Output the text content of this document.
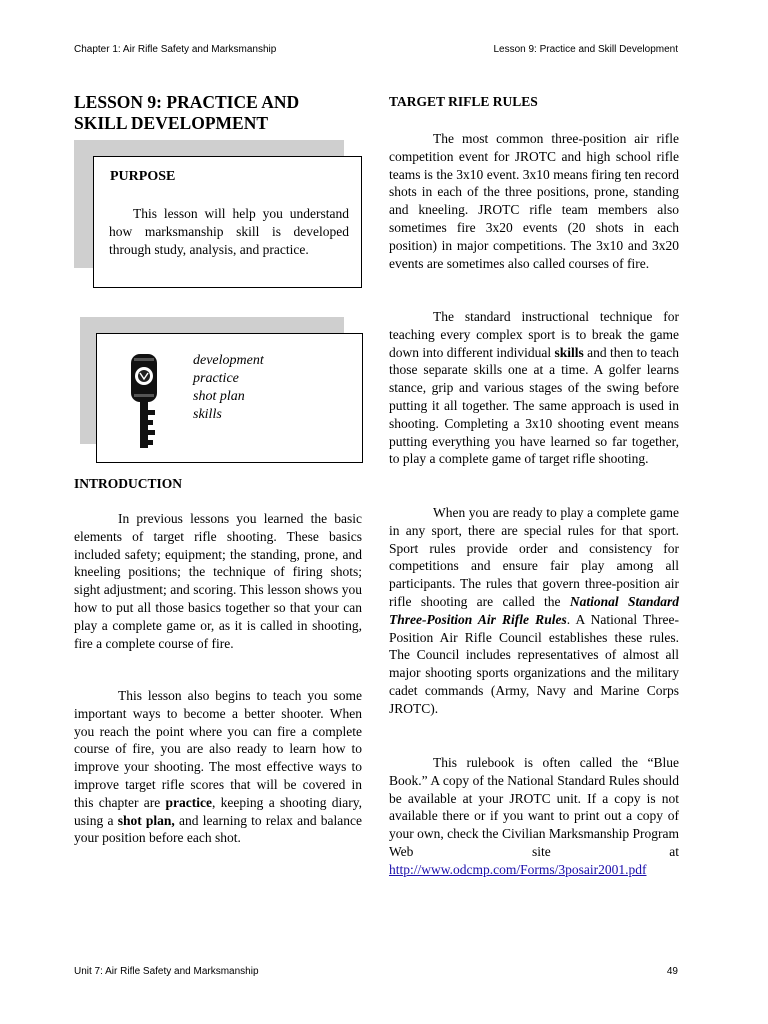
Chapter 1: Air Rifle Safety and Marksmanship	Lesson 9: Practice and Skill Development
LESSON 9: PRACTICE AND
SKILL DEVELOPMENT
PURPOSE

This lesson will help you understand how marksmanship skill is developed through study, analysis, and practice.

development
practice
shot plan
skills
INTRODUCTION

In previous lessons you learned the basic elements of target rifle shooting. These basics included safety; equipment; the standing, prone, and kneeling positions; the technique of firing shots; sight adjustment; and scoring. This lesson shows you how to put all those basics together so that your can play a complete game or, as it is called in shooting, fire a complete course of fire.

This lesson also begins to teach you some important ways to become a better shooter. When you reach the point where you can fire a complete course of fire, you are also ready to learn how to improve your shooting. The most effective ways to improve target rifle scores that will be covered in this chapter are practice, keeping a shooting diary, using a shot plan, and learning to relax and balance your position before each shot.

TARGET RIFLE RULES

The most common three-position air rifle competition event for JROTC and high school rifle teams is the 3x10 event. 3x10 means firing ten record shots in each of the three positions, prone, standing and kneeling. JROTC rifle team members also sometimes fire 3x20 events (20 shots in each position) in major competitions. The 3x10 and 3x20 events are sometimes also called courses of fire.

The standard instructional technique for teaching every complex sport is to break the game down into different individual skills and then to teach those separate skills one at a time. A golfer learns stance, grip and various stages of the swing before putting it all together. The same approach is used in shooting. Completing a 3x10 shooting event means putting everything you have learned so far together, to play a complete game of target rifle shooting.

When you are ready to play a complete game in any sport, there are special rules for that sport. Sport rules provide order and consistency for competitions and ensure fair play among all participants. The rules that govern three-position air rifle shooting are called the National Standard Three-Position Air Rifle Rules. A National Three-Position Air Rifle Council establishes these rules. The Council includes representatives of almost all major shooting sports organizations and the military cadet commands (Army, Navy and Marine Corps JROTC).

This rulebook is often called the “Blue Book.” A copy of the National Standard Rules should be available at your JROTC unit. If a copy is not available there or if you want to print out a copy of your own, check the Civilian Marksmanship Program Web site at http://www.odcmp.com/Forms/3posair2001.pdf

Unit 7: Air Rifle Safety and Marksmanship	49
